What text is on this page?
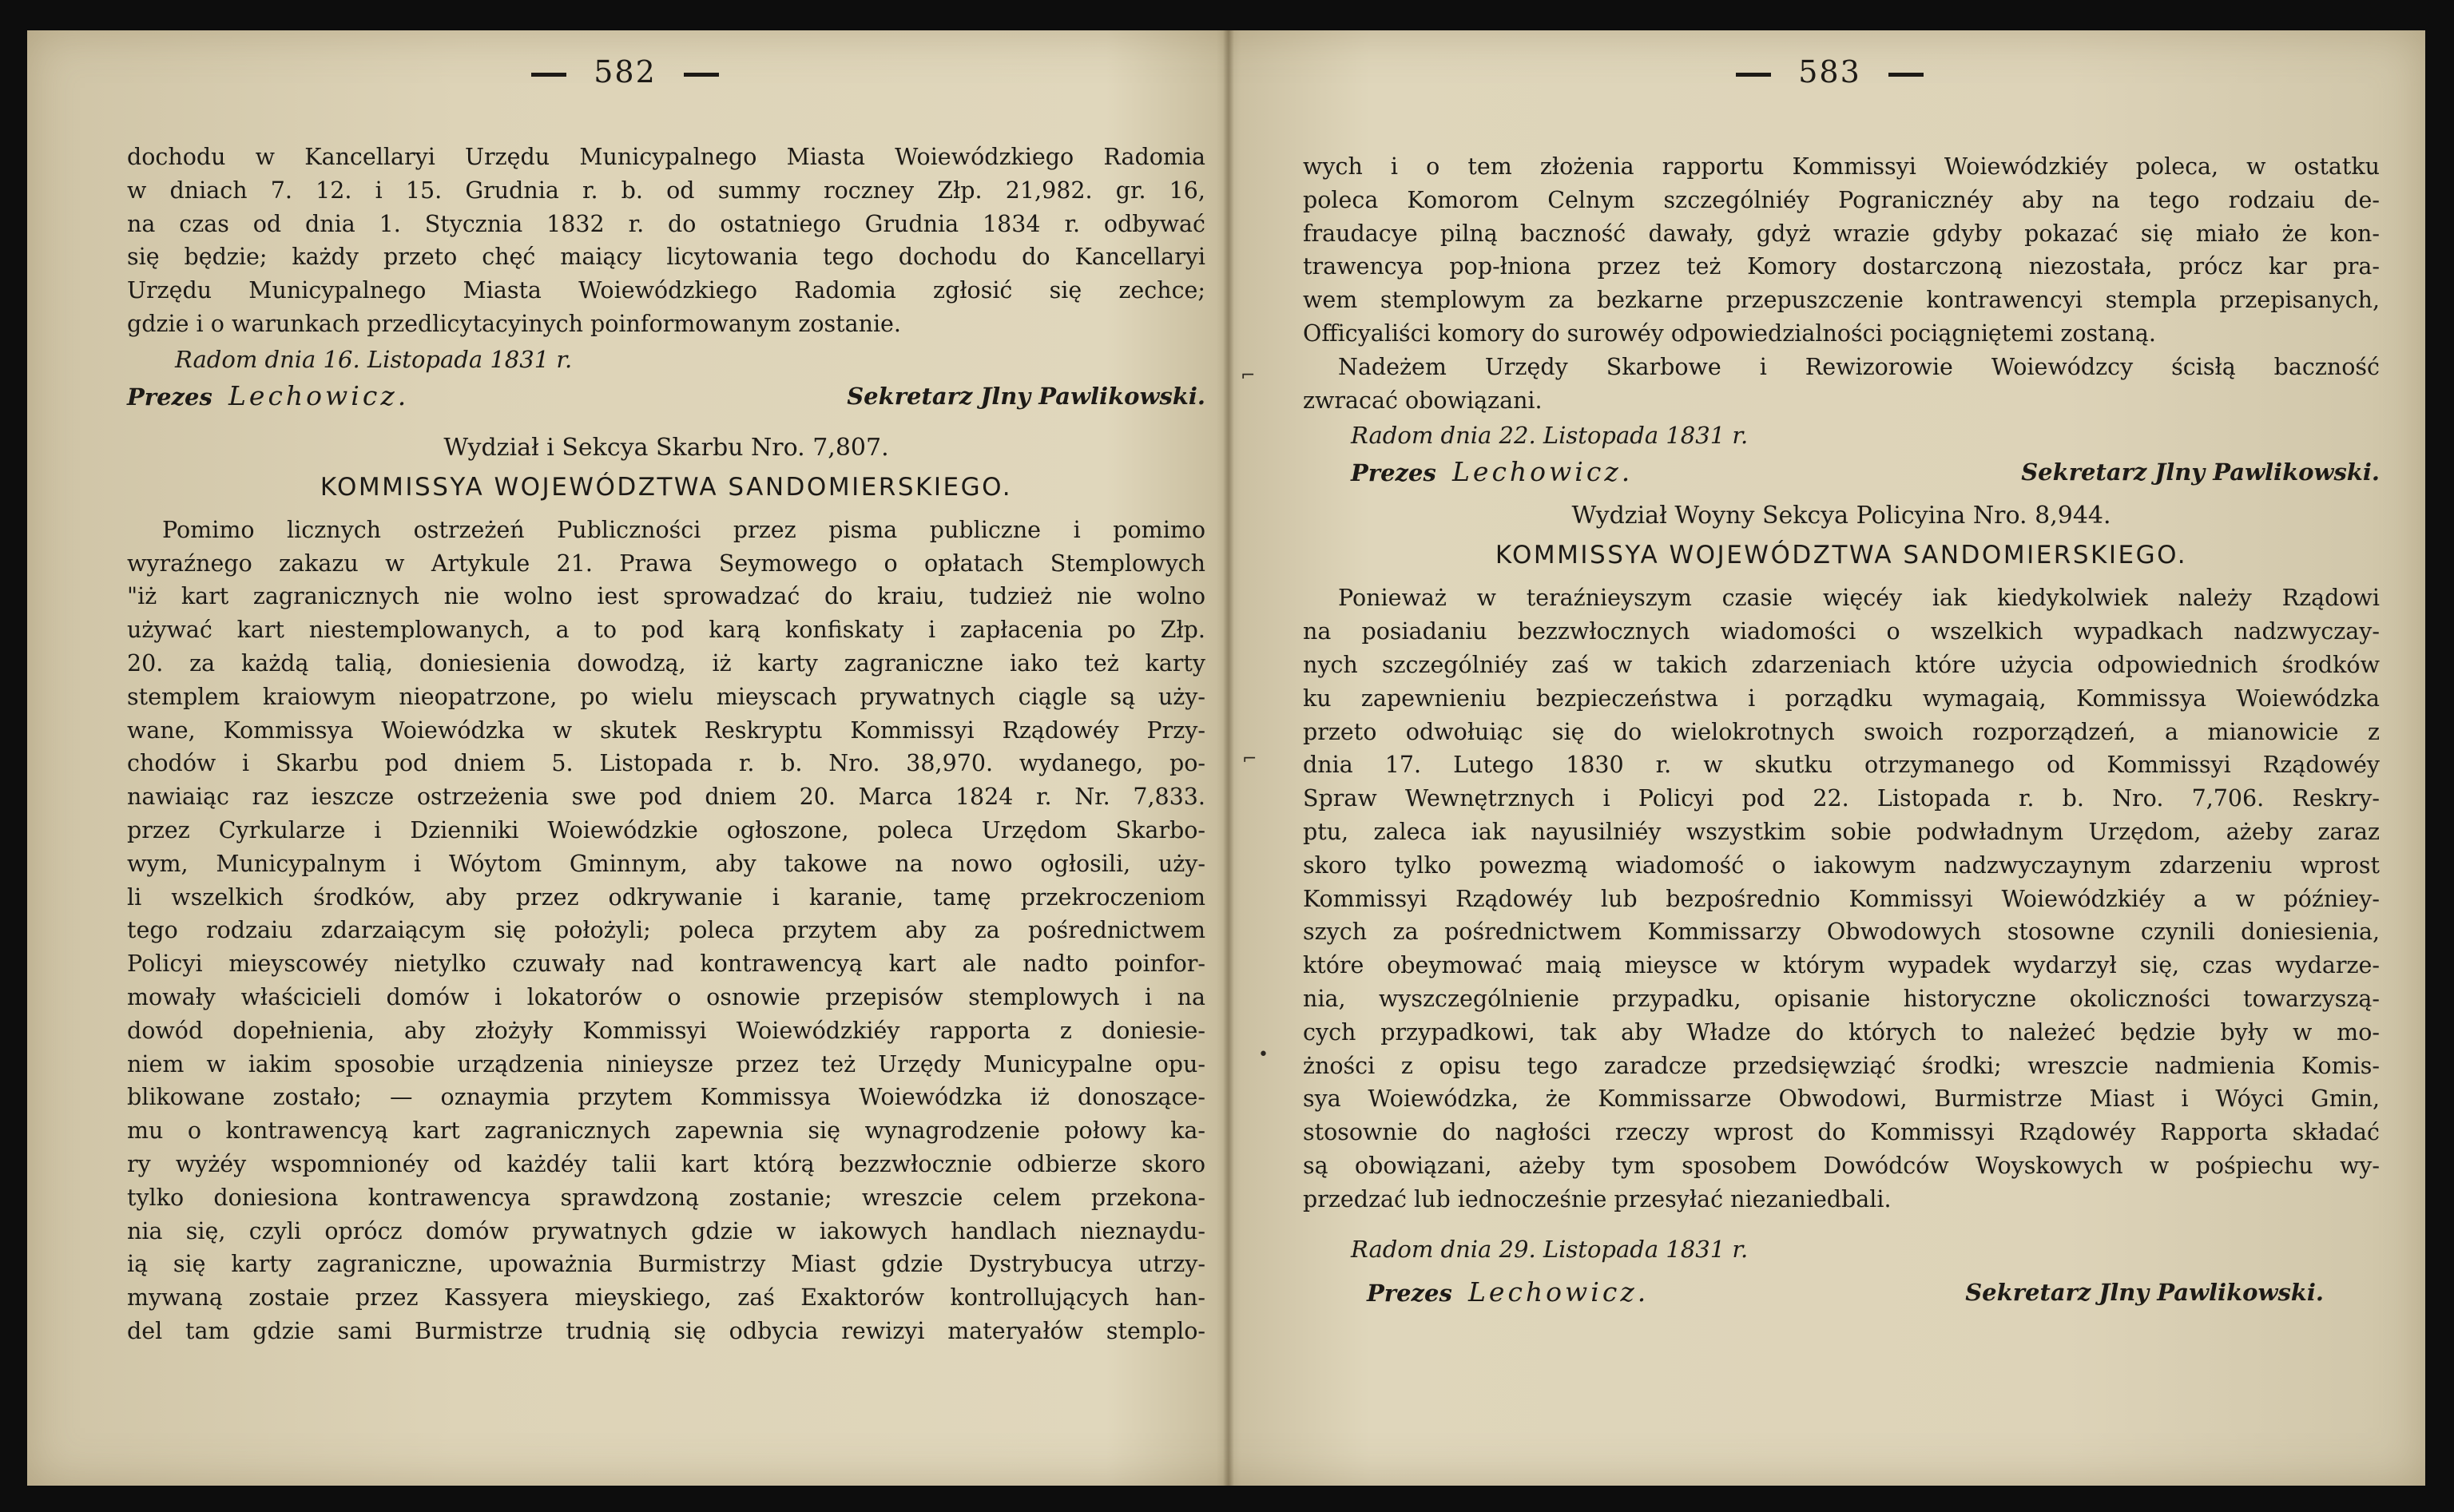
582
dochodu w Kancellaryi Urzędu Municypalnego Miasta Woiewódzkiego Radomia
w dniach 7. 12. i 15. Grudnia r. b. od summy roczney Złp. 21,982. gr. 16,
na czas od dnia 1. Stycznia 1832 r. do ostatniego Grudnia 1834 r. odbywać
się będzie; każdy przeto chęć maiący licytowania tego dochodu do Kancellaryi
Urzędu Municypalnego Miasta Woiewódzkiego Radomia zgłosić się zechce;
gdzie i o warunkach przedlicytacyinych poinformowanym zostanie.
Radom dnia 16. Listopada 1831 r.
Prezes Lechowicz.	Sekretarz Jlny Pawlikowski.
Wydział i Sekcya Skarbu Nro. 7,807.
KOMMISSYA WOJEWÓDZTWA SANDOMIERSKIEGO.
Pomimo licznych ostrzeżeń Publiczności przez pisma publiczne i pomimo
wyraźnego zakazu w Artykule 21. Prawa Seymowego o opłatach Stemplowych
"iż kart zagranicznych nie wolno iest sprowadzać do kraiu, tudzież nie wolno
używać kart niestemplowanych, a to pod karą konfiskaty i zapłacenia po Złp.
20. za każdą talią, doniesienia dowodzą, iż karty zagraniczne iako też karty
stemplem kraiowym nieopatrzone, po wielu mieyscach prywatnych ciągle są uży-
wane, Kommissya Woiewódzka w skutek Reskryptu Kommissyi Rządowéy Przy-
chodów i Skarbu pod dniem 5. Listopada r. b. Nro. 38,970. wydanego, po-
nawiaiąc raz ieszcze ostrzeżenia swe pod dniem 20. Marca 1824 r. Nr. 7,833.
przez Cyrkularze i Dzienniki Woiewódzkie ogłoszone, poleca Urzędom Skarbo-
wym, Municypalnym i Wóytom Gminnym, aby takowe na nowo ogłosili, uży-
li wszelkich środków, aby przez odkrywanie i karanie, tamę przekroczeniom
tego rodzaiu zdarzaiącym się położyli; poleca przytem aby za pośrednictwem
Policyi mieyscowéy nietylko czuwały nad kontrawencyą kart ale nadto poinfor-
mowały właścicieli domów i lokatorów o osnowie przepisów stemplowych i na
dowód dopełnienia, aby złożyły Kommissyi Woiewódzkiéy rapporta z doniesie-
niem w iakim sposobie urządzenia ninieysze przez też Urzędy Municypalne opu-
blikowane zostało; — oznaymia przytem Kommissya Woiewódzka iż donoszące-
mu o kontrawencyą kart zagranicznych zapewnia się wynagrodzenie połowy ka-
ry wyżéy wspomnionéy od każdéy talii kart którą bezzwłocznie odbierze skoro
tylko doniesiona kontrawencya sprawdzoną zostanie; wreszcie celem przekona-
nia się, czyli oprócz domów prywatnych gdzie w iakowych handlach nieznaydu-
ią się karty zagraniczne, upoważnia Burmistrzy Miast gdzie Dystrybucya utrzy-
mywaną zostaie przez Kassyera mieyskiego, zaś Exaktorów kontrollujących han-
del tam gdzie sami Burmistrze trudnią się odbycia rewizyi materyałów stemplo-
583
⌐
⌐
•
wych i o tem złożenia rapportu Kommissyi Woiewódzkiéy poleca, w ostatku
poleca Komorom Celnym szczególniéy Pogranicznéy aby na tego rodzaiu de-
fraudacye pilną baczność dawały, gdyż wrazie gdyby pokazać się miało że kon-
trawencya pop-łniona przez też Komory dostarczoną niezostała, prócz kar pra-
wem stemplowym za bezkarne przepuszczenie kontrawencyi stempla przepisanych,
Officyaliści komory do surowéy odpowiedzialności pociągniętemi zostaną.
Nadeżem Urzędy Skarbowe i Rewizorowie Woiewódzcy ścisłą baczność
zwracać obowiązani.
Radom dnia 22. Listopada 1831 r.
Prezes Lechowicz.	Sekretarz Jlny Pawlikowski.
Wydział Woyny Sekcya Policyina Nro. 8,944.
KOMMISSYA WOJEWÓDZTWA SANDOMIERSKIEGO.
Ponieważ w teraźnieyszym czasie więcéy iak kiedykolwiek należy Rządowi
na posiadaniu bezzwłocznych wiadomości o wszelkich wypadkach nadzwyczay-
nych szczególniéy zaś w takich zdarzeniach które użycia odpowiednich środków
ku zapewnieniu bezpieczeństwa i porządku wymagaią, Kommissya Woiewódzka
przeto odwołuiąc się do wielokrotnych swoich rozporządzeń, a mianowicie z
dnia 17. Lutego 1830 r. w skutku otrzymanego od Kommissyi Rządowéy
Spraw Wewnętrznych i Policyi pod 22. Listopada r. b. Nro. 7,706. Reskry-
ptu, zaleca iak nayusilniéy wszystkim sobie podwładnym Urzędom, ażeby zaraz
skoro tylko powezmą wiadomość o iakowym nadzwyczaynym zdarzeniu wprost
Kommissyi Rządowéy lub bezpośrednio Kommissyi Woiewódzkiéy a w późniey-
szych za pośrednictwem Kommissarzy Obwodowych stosowne czynili doniesienia,
które obeymować maią mieysce w którym wypadek wydarzył się, czas wydarze-
nia, wyszczególnienie przypadku, opisanie historyczne okoliczności towarzyszą-
cych przypadkowi, tak aby Władze do których to należeć będzie były w mo-
żności z opisu tego zaradcze przedsięwziąć środki; wreszcie nadmienia Komis-
sya Woiewódzka, że Kommissarze Obwodowi, Burmistrze Miast i Wóyci Gmin,
stosownie do nagłości rzeczy wprost do Kommissyi Rządowéy Rapporta składać
są obowiązani, ażeby tym sposobem Dowódców Woyskowych w pośpiechu wy-
przedzać lub iednocześnie przesyłać niezaniedbali.
Radom dnia 29. Listopada 1831 r.
Prezes Lechowicz.	Sekretarz Jlny Pawlikowski.
